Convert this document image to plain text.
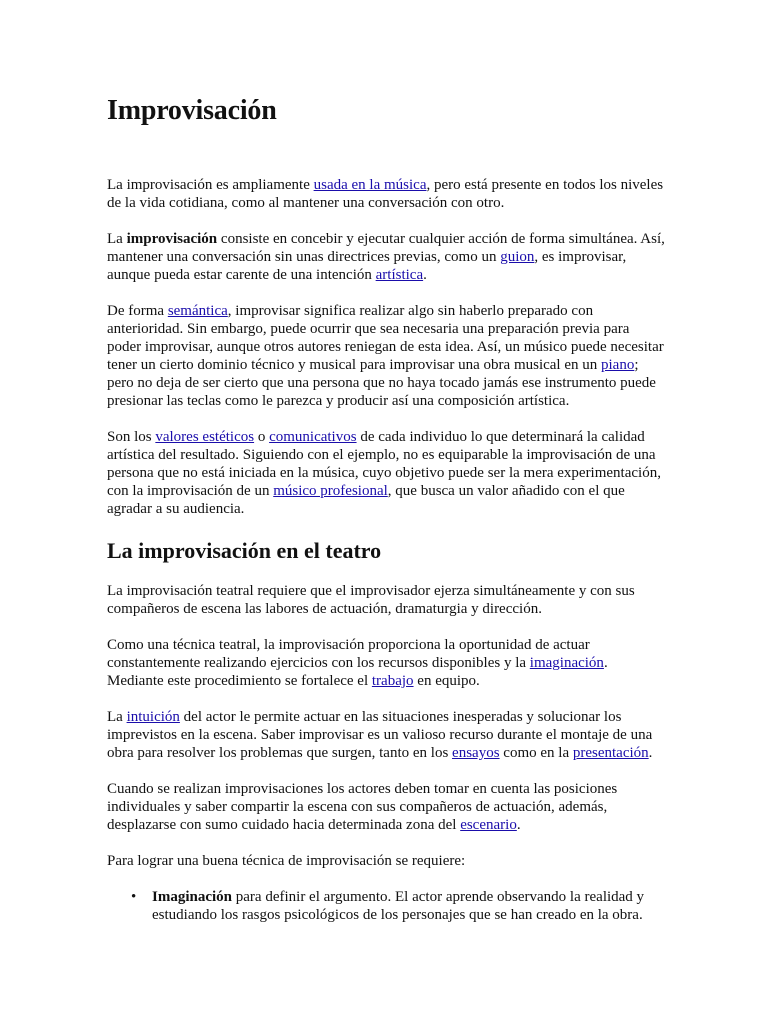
Improvisación

La improvisación es ampliamente usada en la música, pero está presente en todos los niveles de la vida cotidiana, como al mantener una conversación con otro.

La improvisación consiste en concebir y ejecutar cualquier acción de forma simultánea. Así, mantener una conversación sin unas directrices previas, como un guion, es improvisar, aunque pueda estar carente de una intención artística.

De forma semántica, improvisar significa realizar algo sin haberlo preparado con anterioridad. Sin embargo, puede ocurrir que sea necesaria una preparación previa para poder improvisar, aunque otros autores reniegan de esta idea. Así, un músico puede necesitar tener un cierto dominio técnico y musical para improvisar una obra musical en un piano; pero no deja de ser cierto que una persona que no haya tocado jamás ese instrumento puede presionar las teclas como le parezca y producir así una composición artística.

Son los valores estéticos o comunicativos de cada individuo lo que determinará la calidad artística del resultado. Siguiendo con el ejemplo, no es equiparable la improvisación de una persona que no está iniciada en la música, cuyo objetivo puede ser la mera experimentación, con la improvisación de un músico profesional, que busca un valor añadido con el que agradar a su audiencia.

La improvisación en el teatro

La improvisación teatral requiere que el improvisador ejerza simultáneamente y con sus compañeros de escena las labores de actuación, dramaturgia y dirección.

Como una técnica teatral, la improvisación proporciona la oportunidad de actuar constantemente realizando ejercicios con los recursos disponibles y la imaginación. Mediante este procedimiento se fortalece el trabajo en equipo.

La intuición del actor le permite actuar en las situaciones inesperadas y solucionar los imprevistos en la escena. Saber improvisar es un valioso recurso durante el montaje de una obra para resolver los problemas que surgen, tanto en los ensayos como en la presentación.

Cuando se realizan improvisaciones los actores deben tomar en cuenta las posiciones individuales y saber compartir la escena con sus compañeros de actuación, además, desplazarse con sumo cuidado hacia determinada zona del escenario.

Para lograr una buena técnica de improvisación se requiere:

• Imaginación para definir el argumento. El actor aprende observando la realidad y estudiando los rasgos psicológicos de los personajes que se han creado en la obra.
